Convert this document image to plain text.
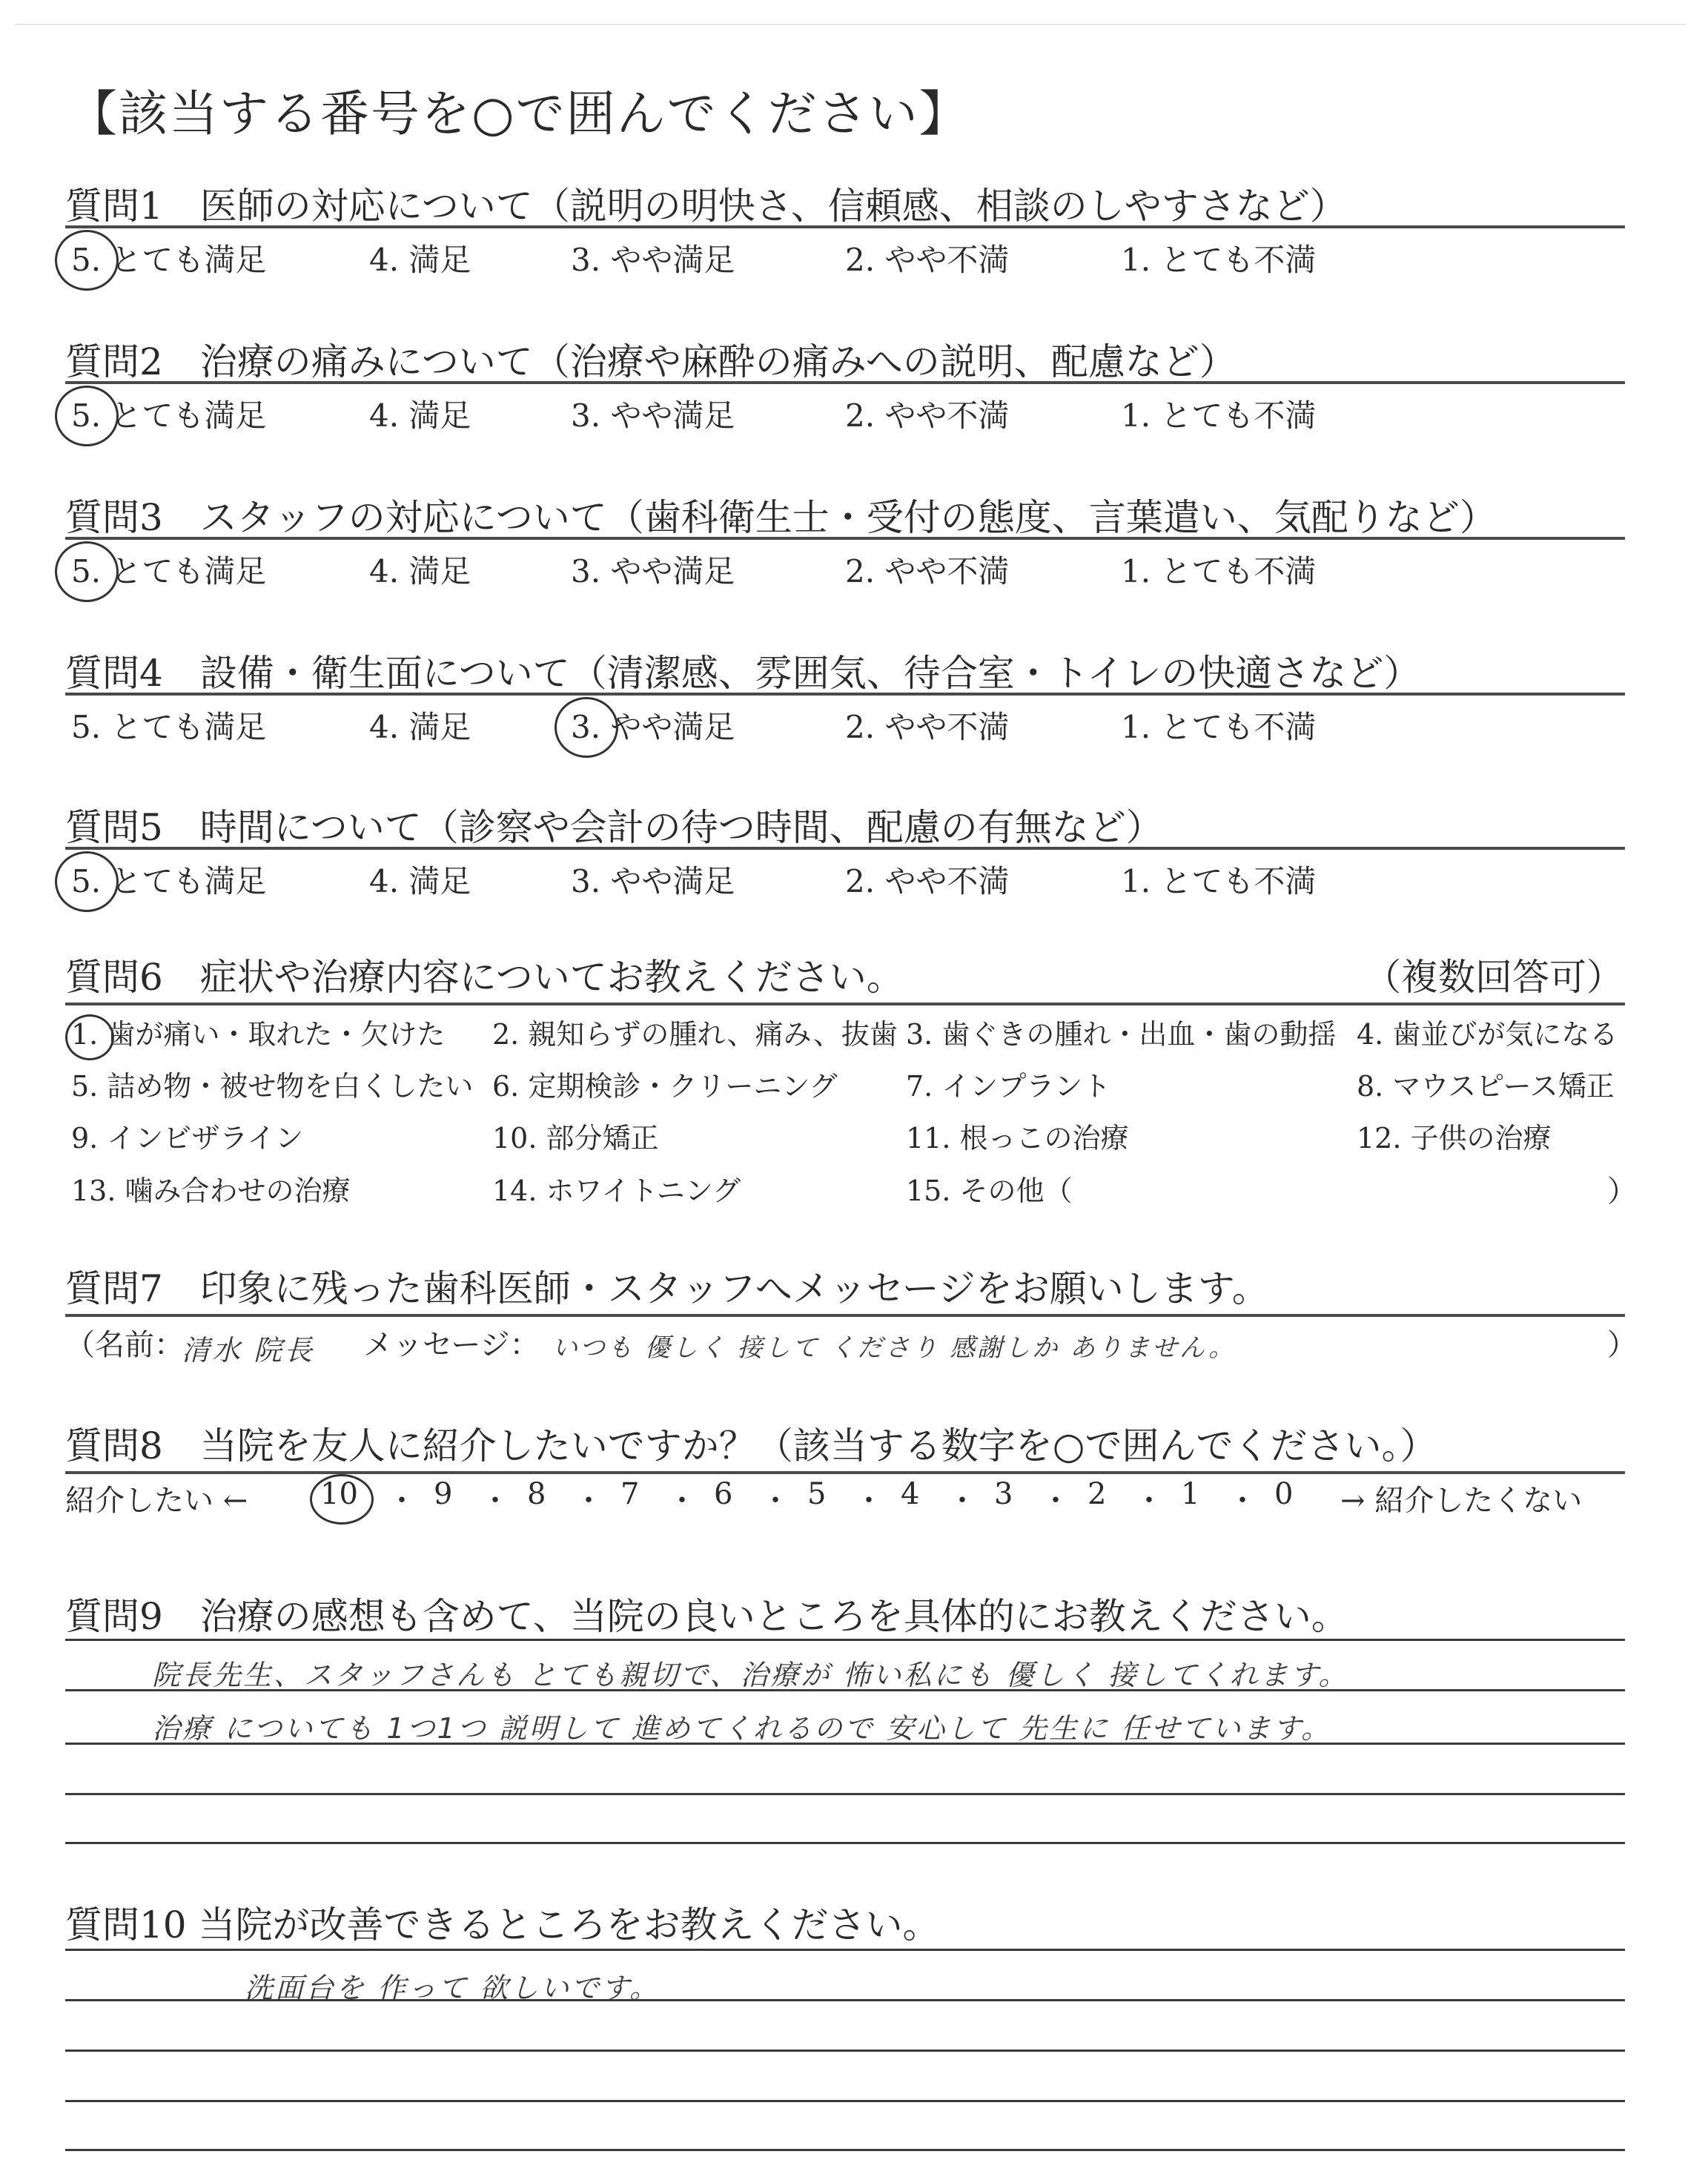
【該当する番号を○で囲んでください】
質問1　医師の対応について（説明の明快さ、信頼感、相談のしやすさなど）
5. とても満足	4. 満足	3. やや満足	2. やや不満	1. とても不満
質問2　治療の痛みについて（治療や麻酔の痛みへの説明、配慮など）
5. とても満足	4. 満足	3. やや満足	2. やや不満	1. とても不満
質問3　スタッフの対応について（歯科衛生士・受付の態度、言葉遣い、気配りなど）
5. とても満足	4. 満足	3. やや満足	2. やや不満	1. とても不満
質問4　設備・衛生面について（清潔感、雰囲気、待合室・トイレの快適さなど）
5. とても満足	4. 満足	3. やや満足	2. やや不満	1. とても不満
質問5　時間について（診察や会計の待つ時間、配慮の有無など）
5. とても満足	4. 満足	3. やや満足	2. やや不満	1. とても不満
質問6　症状や治療内容についてお教えください。	（複数回答可）
1. 歯が痛い・取れた・欠けた 2. 親知らずの腫れ、痛み、抜歯 3. 歯ぐきの腫れ・出血・歯の動揺 4. 歯並びが気になる
5. 詰め物・被せ物を白くしたい 6. 定期検診・クリーニング 7. インプラント	8. マウスピース矯正
9. インビザライン	10. 部分矯正	11. 根っこの治療	12. 子供の治療
13. 噛み合わせの治療	14. ホワイトニング	15. その他（	）
質問7　印象に残った歯科医師・スタッフへメッセージをお願いします。
（名前：
清水 院長 メッセージ： いつも 優しく 接して くださり 感謝しか ありません。	）
質問8　当院を友人に紹介したいですか？（該当する数字を○で囲んでください。）
紹介したい ← 10 ・ 9 ・ 8 ・ 7 ・ 6 ・ 5 ・ 4 ・ 3 ・ 2 ・ 1 ・ 0 → 紹介したくない
質問9　治療の感想も含めて、当院の良いところを具体的にお教えください。
院長先生、スタッフさんも とても親切で、治療が 怖い私にも 優しく 接してくれます。
治療 についても 1つ1つ 説明して 進めてくれるので 安心して 先生に 任せています。
質問10 当院が改善できるところをお教えください。
洗面台を 作って 欲しいです。
